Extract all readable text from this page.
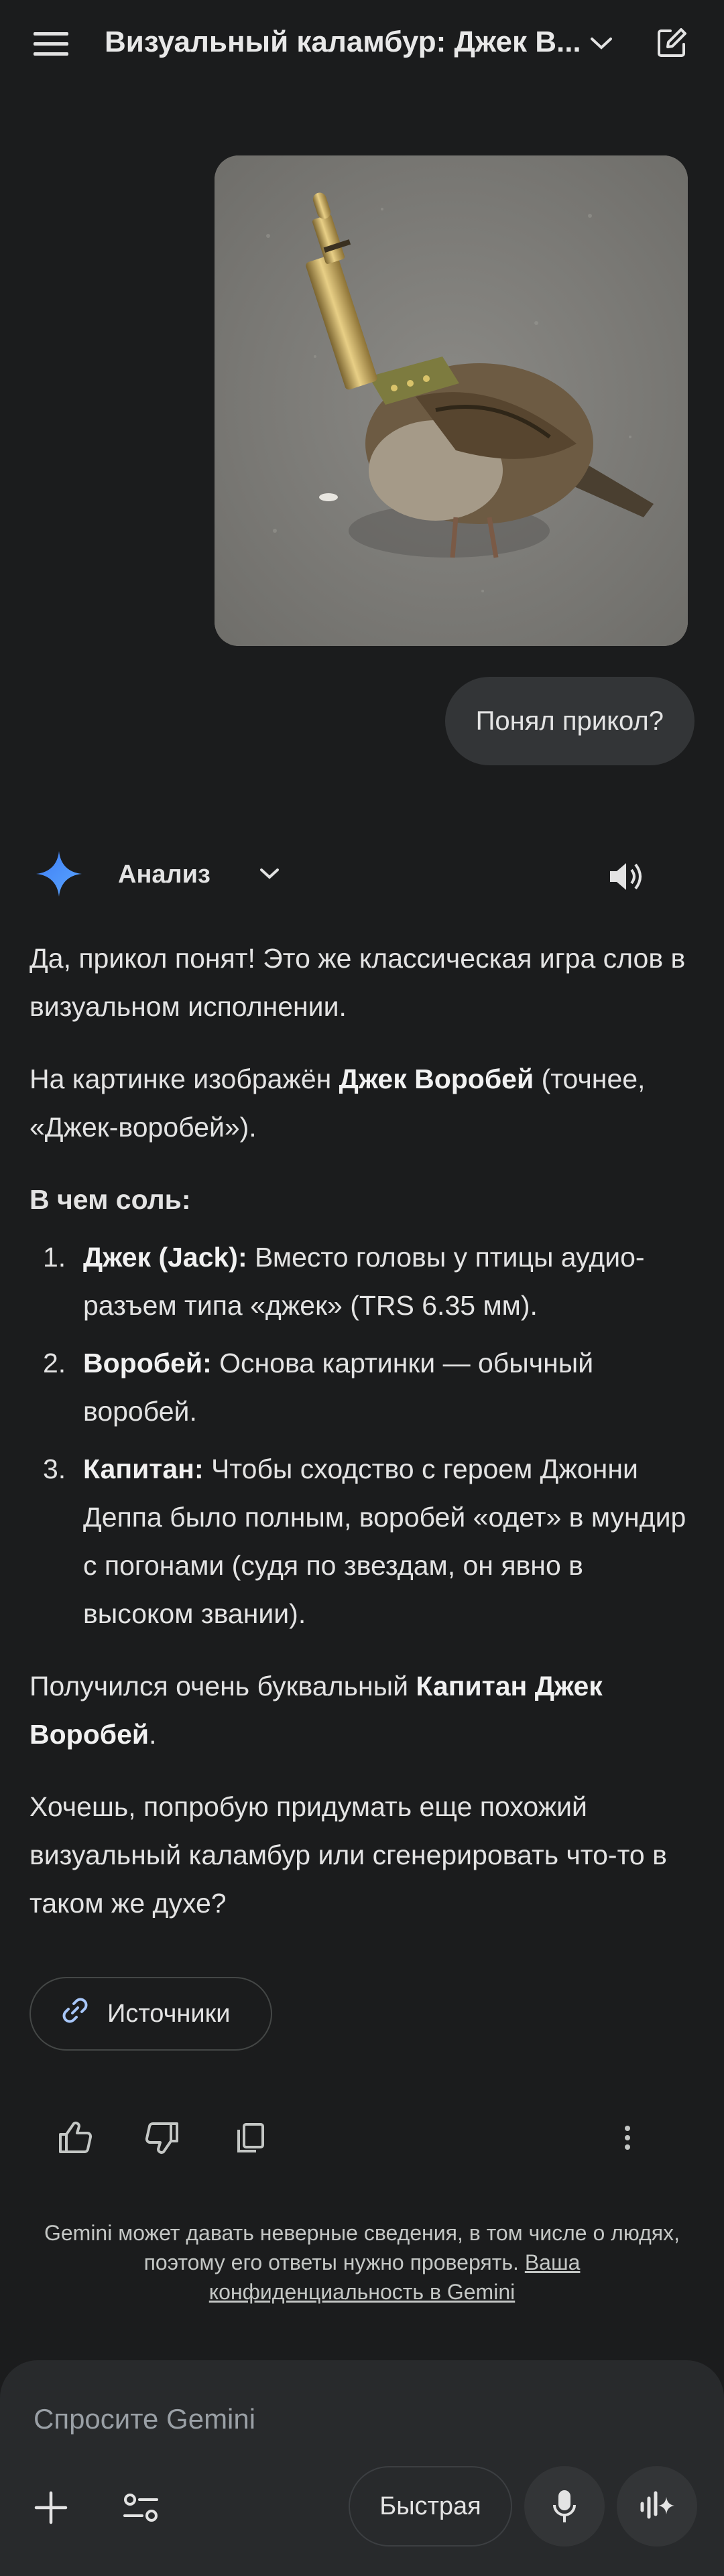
Визуальный каламбур: Джек В...
Понял прикол?
Анализ

Да, прикол понят! Это же классическая игра слов в визуальном исполнении.

На картинке изображён Джек Воробей (точнее, «Джек-воробей»).

В чем соль:
1. Джек (Jack): Вместо головы у птицы аудио-разъем типа «джек» (TRS 6.35 мм).
2. Воробей: Основа картинки — обычный воробей.
3. Капитан: Чтобы сходство с героем Джонни Деппа было полным, воробей «одет» в мундир с погонами (судя по звездам, он явно в высоком звании).

Получился очень буквальный Капитан Джек Воробей.

Хочешь, попробую придумать еще похожий визуальный каламбур или сгенерировать что-то в таком же духе?

Источники
Gemini может давать неверные сведения, в том числе о людях, поэтому его ответы нужно проверять. Ваша конфиденциальность в Gemini
Спросите Gemini
Быстрая
